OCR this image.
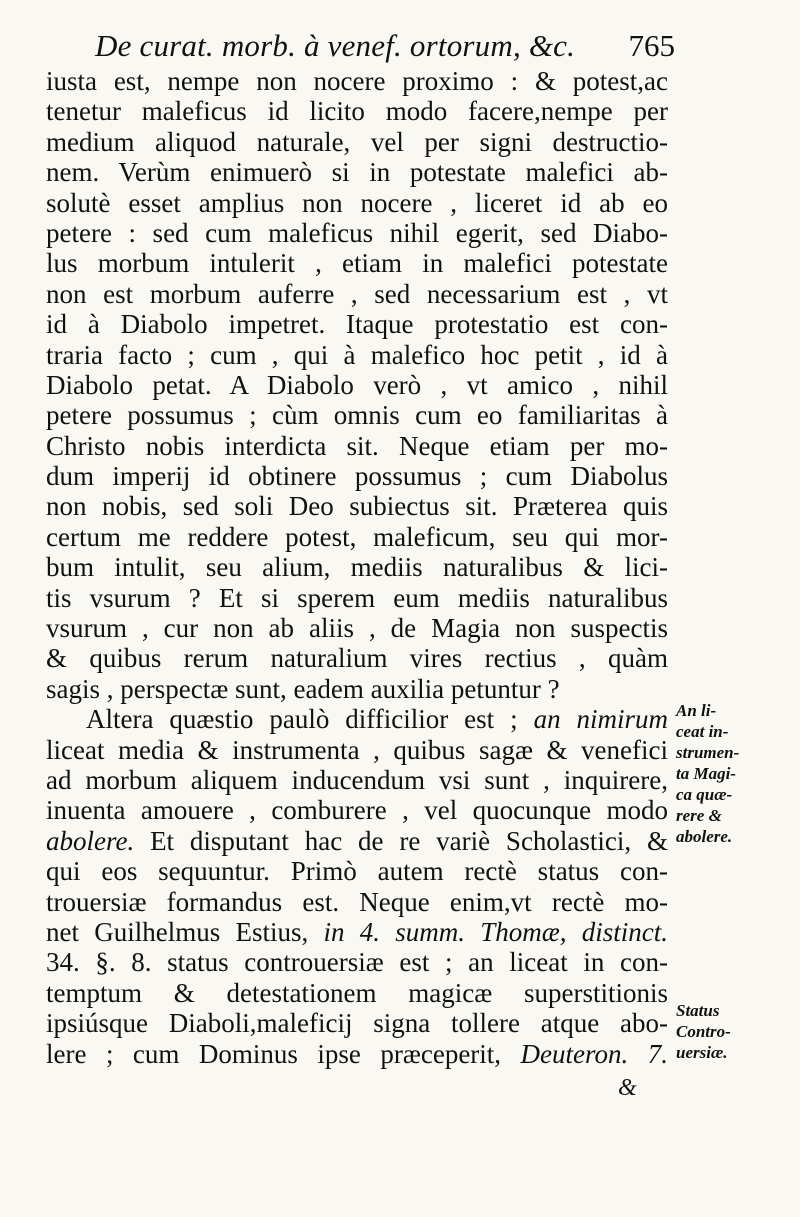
De curat. morb. à venef. ortorum, &c. 765
iusta est, nempe non nocere proximo : & potest,ac
tenetur maleficus id licito modo facere,nempe per
medium aliquod naturale, vel per signi destructio-
nem. Verùm enimuerò si in potestate malefici ab-
solutè esset amplius non nocere , liceret id ab eo
petere : sed cum maleficus nihil egerit, sed Diabo-
lus morbum intulerit , etiam in malefici potestate
non est morbum auferre , sed necessarium est , vt
id à Diabolo impetret. Itaque protestatio est con-
traria facto ; cum , qui à malefico hoc petit , id à
Diabolo petat. A Diabolo verò , vt amico , nihil
petere possumus ; cùm omnis cum eo familiaritas à
Christo nobis interdicta sit. Neque etiam per mo-
dum imperij id obtinere possumus ; cum Diabolus
non nobis, sed soli Deo subiectus sit. Præterea quis
certum me reddere potest, maleficum, seu qui mor-
bum intulit, seu alium, mediis naturalibus & lici-
tis vsurum ? Et si sperem eum mediis naturalibus
vsurum , cur non ab aliis , de Magia non suspectis
& quibus rerum naturalium vires rectius , quàm
sagis , perspectæ sunt, eadem auxilia petuntur ?
Altera quæstio paulò difficilior est ; an nimirum
liceat media & instrumenta , quibus sagæ & venefici
ad morbum aliquem inducendum vsi sunt , inquirere,
inuenta amouere , comburere , vel quocunque modo
abolere. Et disputant hac de re variè Scholastici, &
qui eos sequuntur. Primò autem rectè status con-
trouersiæ formandus est. Neque enim,vt rectè mo-
net Guilhelmus Estius, in 4. summ. Thomæ, distinct.
34. §. 8. status controuersiæ est ; an liceat in con-
temptum & detestationem magicæ superstitionis
ipsiúsque Diaboli,maleficij signa tollere atque abo-
lere ; cum Dominus ipse præceperit, Deuteron. 7.
An li-
ceat in-
strumen-
ta Magi-
ca quæ-
rere &
abolere.
Status
Contro-
uersiæ.
&
